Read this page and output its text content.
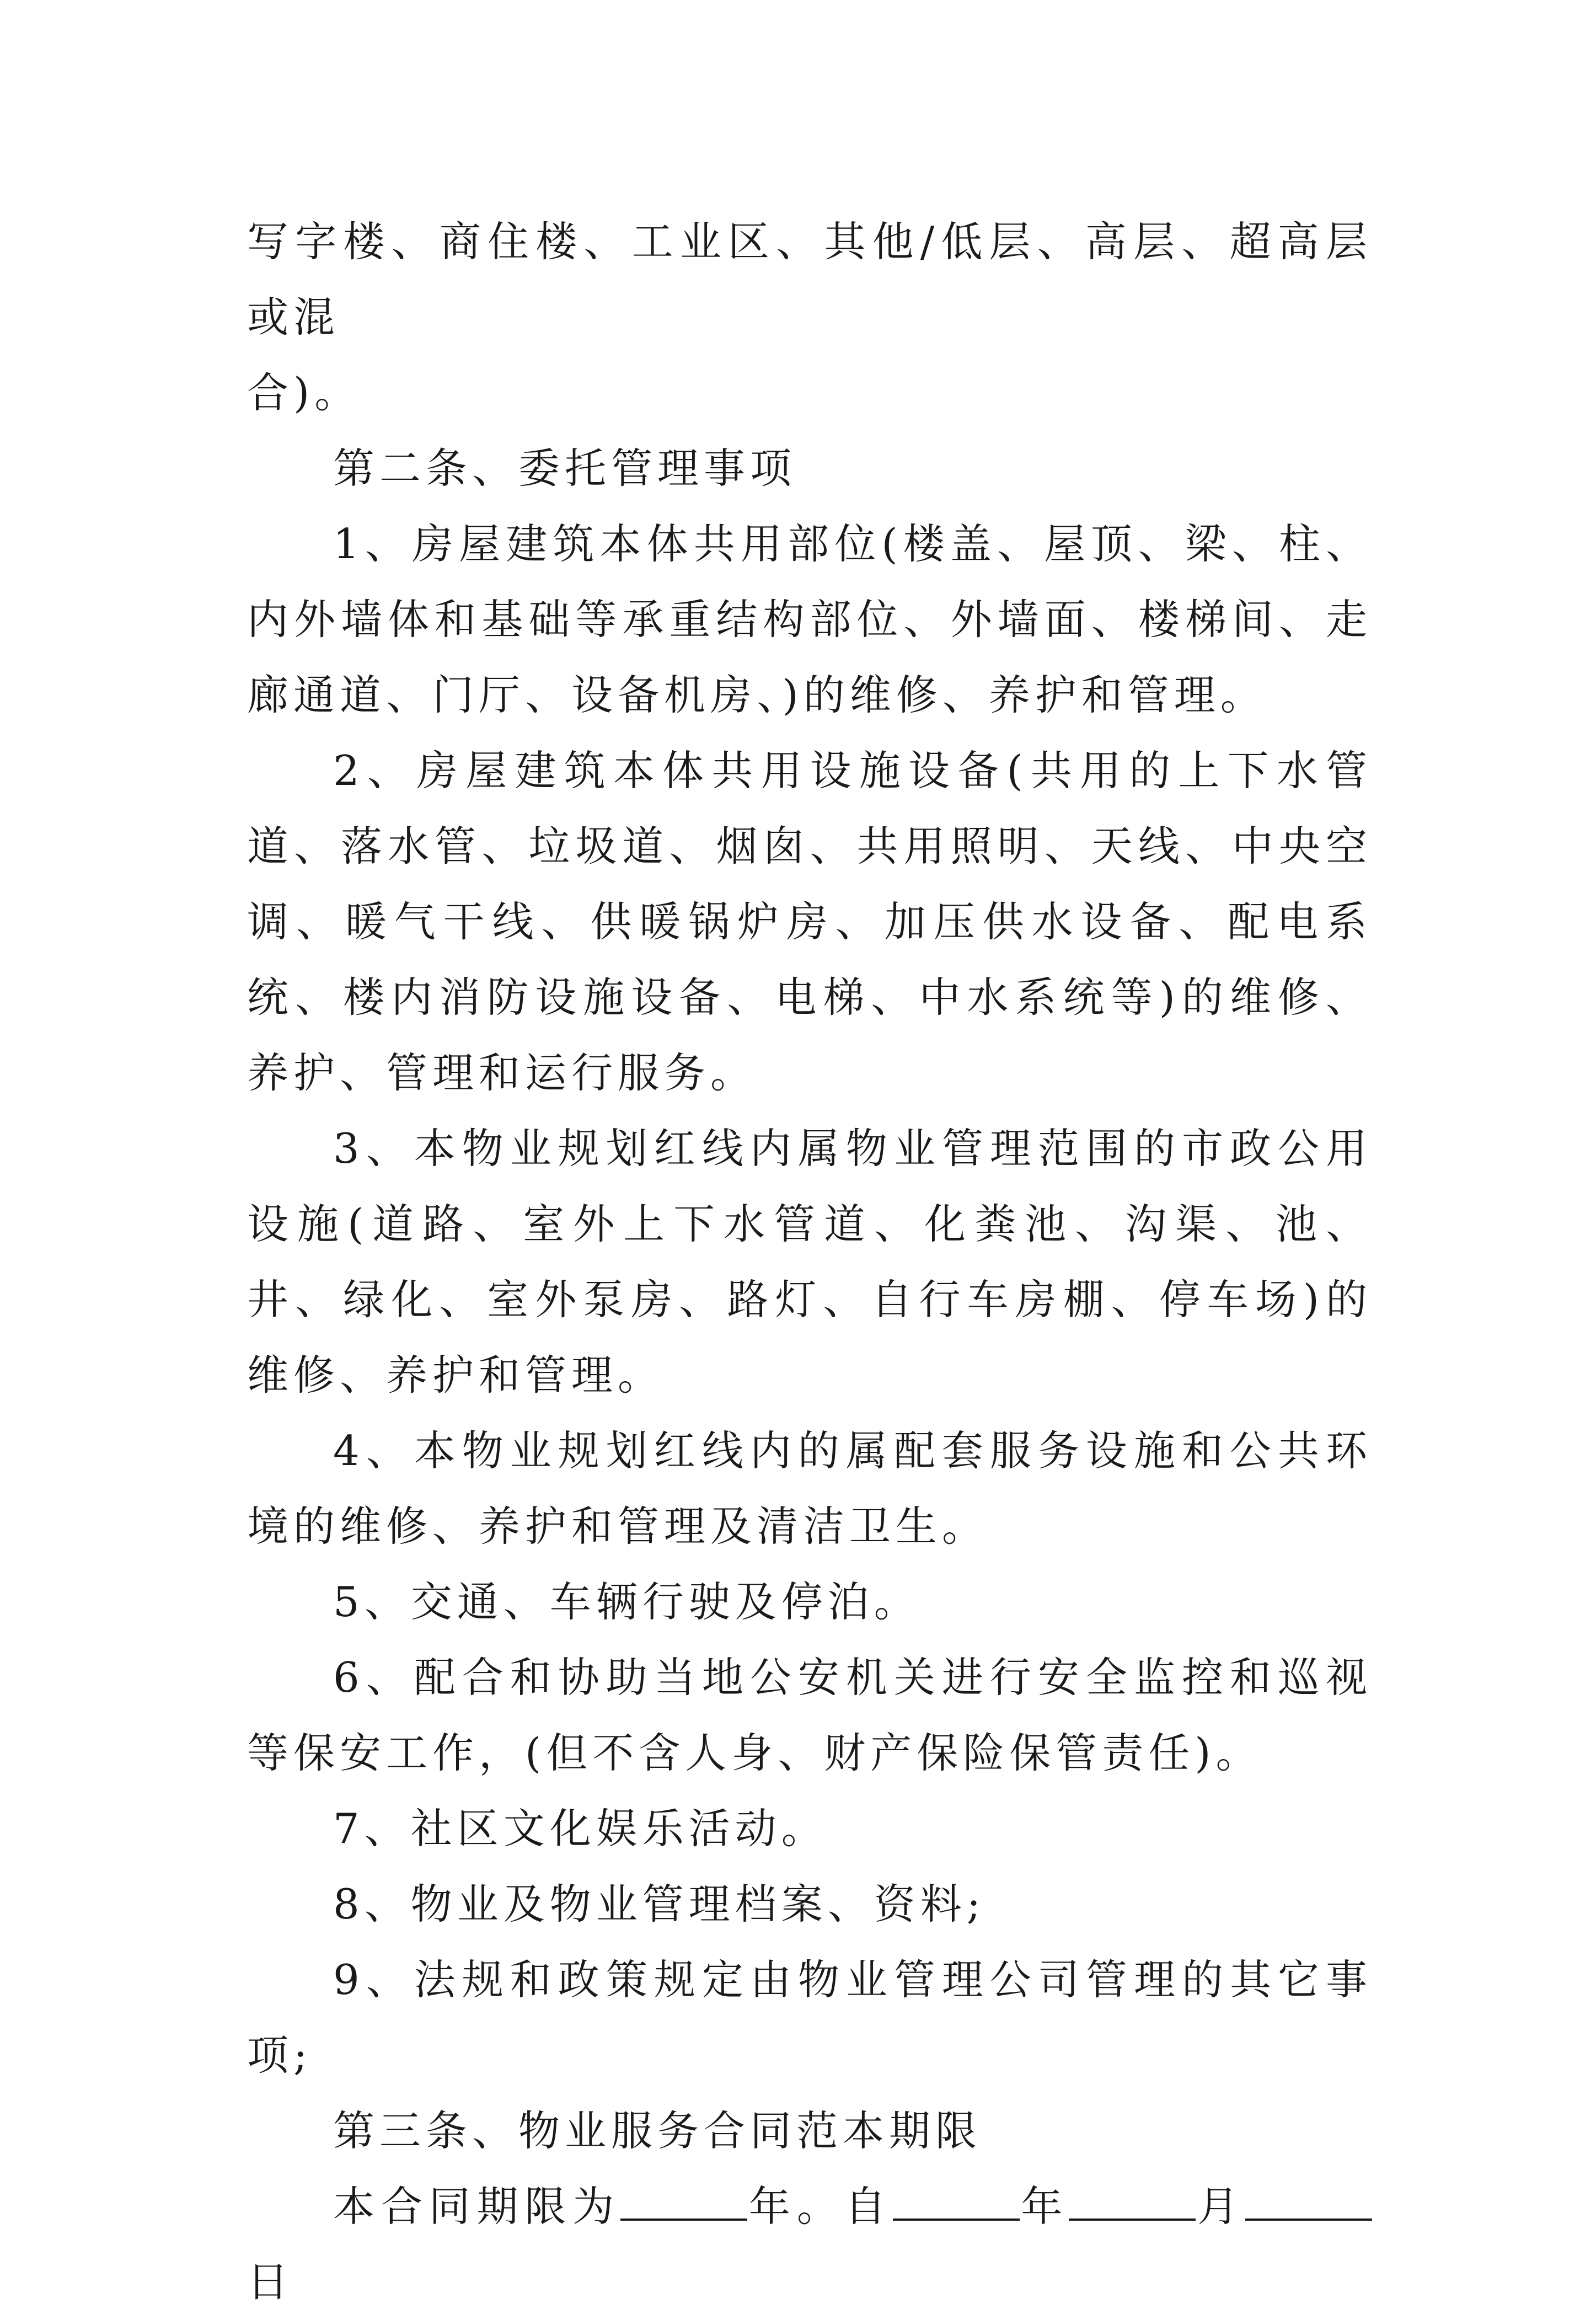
写字楼、商住楼、工业区、其他/低层、高层、超高层或混
合)。

第二条、委托管理事项

1、房屋建筑本体共用部位(楼盖、屋顶、梁、柱、内外墙体和基础等承重结构部位、外墙面、楼梯间、走廊通道、门厅、设备机房、)的维修、养护和管理。

2、房屋建筑本体共用设施设备(共用的上下水管道、落水管、垃圾道、烟囱、共用照明、天线、中央空调、暖气干线、供暖锅炉房、加压供水设备、配电系统、楼内消防设施设备、电梯、中水系统等)的维修、养护、管理和运行服务。

3、本物业规划红线内属物业管理范围的市政公用设施(道路、室外上下水管道、化粪池、沟渠、池、井、绿化、室外泵房、路灯、自行车房棚、停车场)的维修、养护和管理。

4、本物业规划红线内的属配套服务设施和公共环境的维修、养护和管理及清洁卫生。

5、交通、车辆行驶及停泊。

6、配合和协助当地公安机关进行安全监控和巡视等保安工作，(但不含人身、财产保险保管责任)。

7、社区文化娱乐活动。

8、物业及物业管理档案、资料;

9、法规和政策规定由物业管理公司管理的其它事项;

第三条、物业服务合同范本期限

本合同期限为	年。自	年	月日
